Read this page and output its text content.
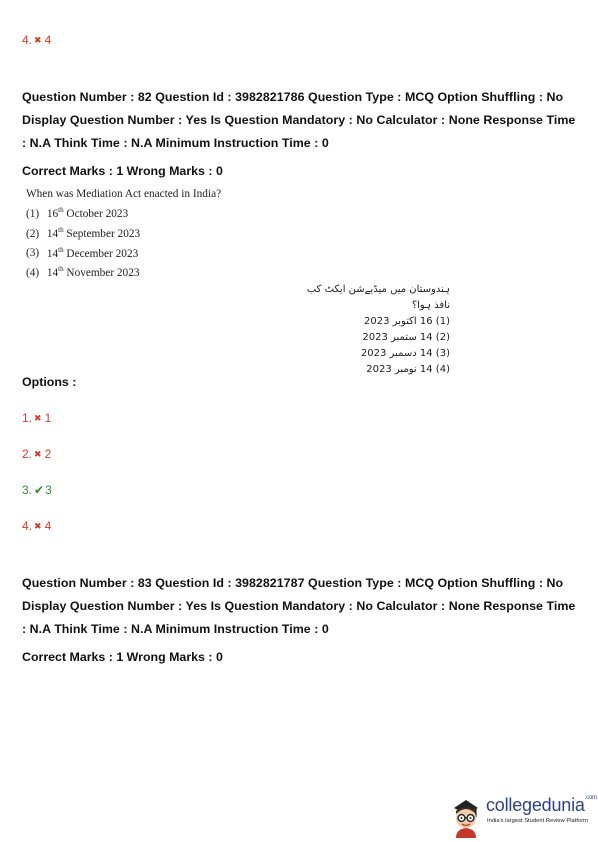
4. ✖ 4
Question Number : 82 Question Id : 3982821786 Question Type : MCQ Option Shuffling : No
Display Question Number : Yes Is Question Mandatory : No Calculator : None Response Time
: N.A Think Time : N.A Minimum Instruction Time : 0
Correct Marks : 1 Wrong Marks : 0
When was Mediation Act enacted in India?
(1) 16th October 2023
(2) 14th September 2023
(3) 14th December 2023
(4) 14th November 2023
ہندوستان میں میڈیےشن ایکٹ کب نافذ ہوا؟
(1) 16 اکتوبر 2023
(2) 14 ستمبر 2023
(3) 14 دسمبر 2023
(4) 14 نومبر 2023
Options :
1. ✖ 1
2. ✖ 2
3. ✔3
4. ✖ 4
Question Number : 83 Question Id : 3982821787 Question Type : MCQ Option Shuffling : No
Display Question Number : Yes Is Question Mandatory : No Calculator : None Response Time
: N.A Think Time : N.A Minimum Instruction Time : 0
Correct Marks : 1 Wrong Marks : 0
collegedunia$^{.com}$
India's largest Student Review Platform
